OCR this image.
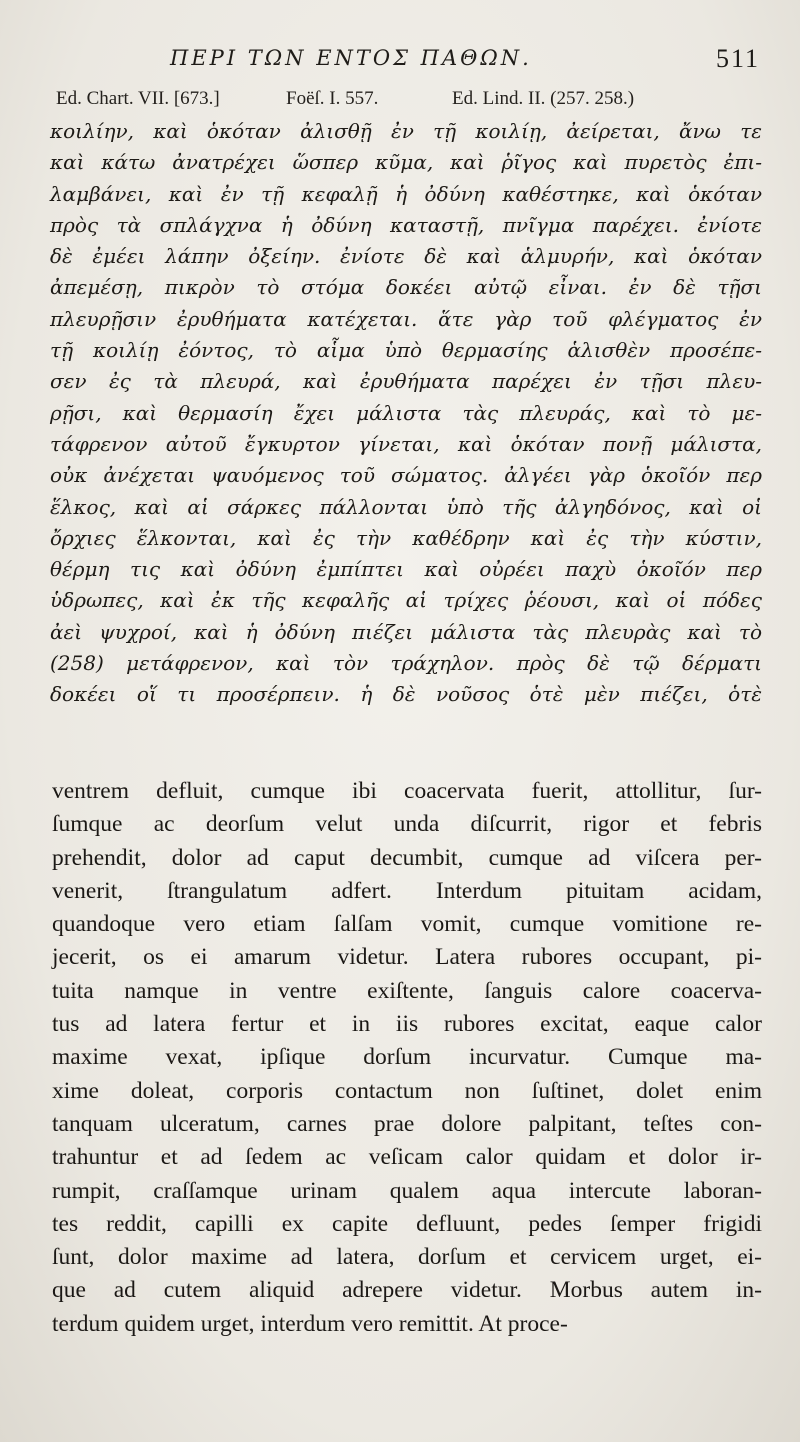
ΠΕΡΙ ΤΩΝ ΕΝΤΟΣ ΠΑΘΩΝ.	511
Ed. Chart. VII. [673.]	Foëſ. I. 557.	Ed. Lind. II. (257. 258.)
κοιλίην, καὶ ὁκόταν ἀλισθῇ ἐν τῇ κοιλίῃ, ἀείρεται, ἄνω τε
καὶ κάτω ἀνατρέχει ὥσπερ κῦμα, καὶ ῥῖγος καὶ πυρετὸς ἐπι-
λαμβάνει, καὶ ἐν τῇ κεφαλῇ ἡ ὀδύνη καθέστηκε, καὶ ὁκόταν
πρὸς τὰ σπλάγχνα ἡ ὀδύνη καταστῇ, πνῖγμα παρέχει. ἐνίοτε
δὲ ἐμέει λάπην ὀξείην. ἐνίοτε δὲ καὶ ἁλμυρήν, καὶ ὁκόταν
ἀπεμέσῃ, πικρὸν τὸ στόμα δοκέει αὐτῷ εἶναι. ἐν δὲ τῇσι
πλευρῇσιν ἐρυθήματα κατέχεται. ἅτε γὰρ τοῦ φλέγματος ἐν
τῇ κοιλίῃ ἐόντος, τὸ αἷμα ὑπὸ θερμασίης ἁλισθὲν προσέπε-
σεν ἐς τὰ πλευρά, καὶ ἐρυθήματα παρέχει ἐν τῇσι πλευ-
ρῇσι, καὶ θερμασίη ἔχει μάλιστα τὰς πλευράς, καὶ τὸ με-
τάφρενον αὐτοῦ ἔγκυρτον γίνεται, καὶ ὁκόταν πονῇ μάλιστα,
οὐκ ἀνέχεται ψαυόμενος τοῦ σώματος. ἀλγέει γὰρ ὁκοῖόν περ
ἕλκος, καὶ αἱ σάρκες πάλλονται ὑπὸ τῆς ἀλγηδόνος, καὶ οἱ
ὄρχιες ἕλκονται, καὶ ἐς τὴν καθέδρην καὶ ἐς τὴν κύστιν,
θέρμη τις καὶ ὀδύνη ἐμπίπτει καὶ οὐρέει παχὺ ὁκοῖόν περ
ὑδρωπες, καὶ ἐκ τῆς κεφαλῆς αἱ τρίχες ῥέουσι, καὶ οἱ πόδες
ἀεὶ ψυχροί, καὶ ἡ ὀδύνη πιέζει μάλιστα τὰς πλευρὰς καὶ τὸ
(258) μετάφρενον, καὶ τὸν τράχηλον. πρὸς δὲ τῷ δέρματι
δοκέει οἵ τι προσέρπειν. ἡ δὲ νοῦσος ὁτὲ μὲν πιέζει, ὁτὲ
ventrem defluit, cumque ibi coacervata fuerit, attollitur, ſur-
ſumque ac deorſum velut unda diſcurrit, rigor et febris
prehendit, dolor ad caput decumbit, cumque ad viſcera per-
venerit, ſtrangulatum adfert. Interdum pituitam acidam,
quandoque vero etiam ſalſam vomit, cumque vomitione re-
jecerit, os ei amarum videtur. Latera rubores occupant, pi-
tuita namque in ventre exiſtente, ſanguis calore coacerva-
tus ad latera fertur et in iis rubores excitat, eaque calor
maxime vexat, ipſique dorſum incurvatur. Cumque ma-
xime doleat, corporis contactum non ſuſtinet, dolet enim
tanquam ulceratum, carnes prae dolore palpitant, teſtes con-
trahuntur et ad ſedem ac veſicam calor quidam et dolor ir-
rumpit, craſſamque urinam qualem aqua intercute laboran-
tes reddit, capilli ex capite defluunt, pedes ſemper frigidi
ſunt, dolor maxime ad latera, dorſum et cervicem urget, ei-
que ad cutem aliquid adrepere videtur. Morbus autem in-
terdum quidem urget, interdum vero remittit. At proce-
